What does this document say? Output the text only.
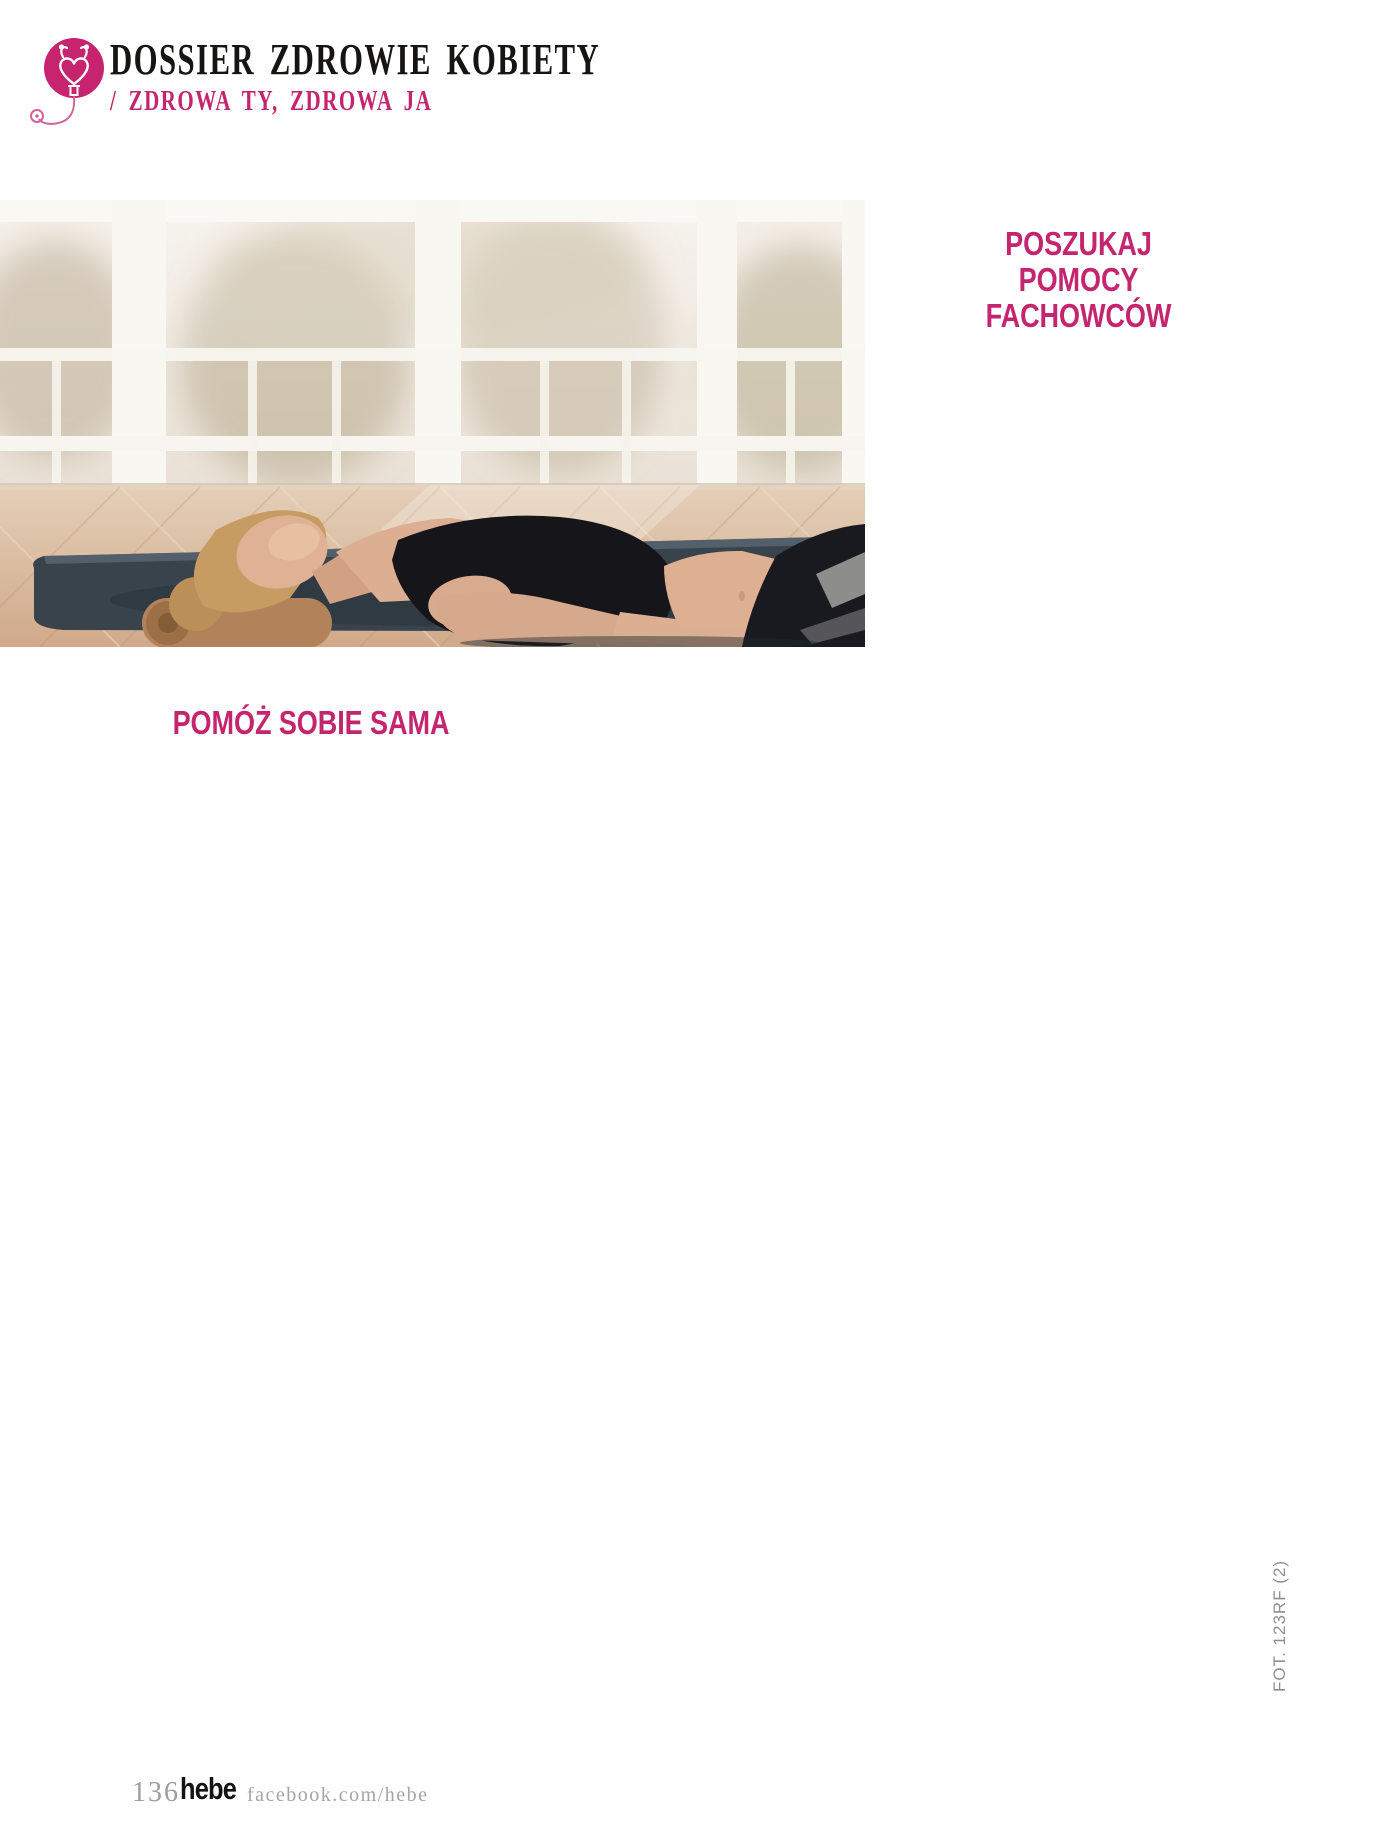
DOSSIER ZDROWIE KOBIETY
/ ZDROWA TY, ZDROWA JA
POMÓŻ SOBIE SAMA
POSZUKAJ
POMOCY FACHOWCÓW
FOT. 123RF (2)
136 hebe facebook.com/hebe
